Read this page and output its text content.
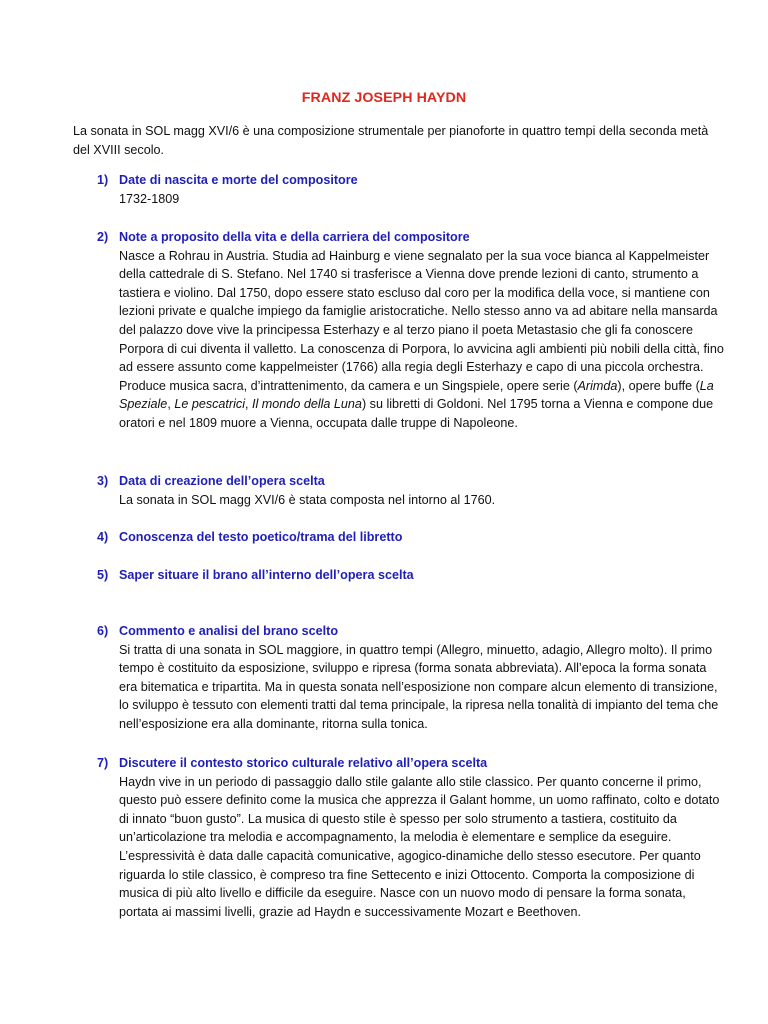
FRANZ JOSEPH HAYDN
La sonata in SOL magg XVI/6 è una composizione strumentale per pianoforte in quattro tempi della seconda metà del XVIII secolo.
1) Date di nascita e morte del compositore
1732-1809
2) Note a proposito della vita e della carriera del compositore
Nasce a Rohrau in Austria. Studia ad Hainburg e viene segnalato per la sua voce bianca al Kappelmeister della cattedrale di S. Stefano. Nel 1740 si trasferisce a Vienna dove prende lezioni di canto, strumento a tastiera e violino. Dal 1750, dopo essere stato escluso dal coro per la modifica della voce, si mantiene con lezioni private e qualche impiego da famiglie aristocratiche. Nello stesso anno va ad abitare nella mansarda del palazzo dove vive la principessa Esterhazy e al terzo piano il poeta Metastasio che gli fa conoscere Porpora di cui diventa il valletto. La conoscenza di Porpora, lo avvicina agli ambienti più nobili della città, fino ad essere assunto come kappelmeister (1766) alla regia degli Esterhazy e capo di una piccola orchestra. Produce musica sacra, d’intrattenimento, da camera e un Singspiele, opere serie (Arimda), opere buffe (La Speziale, Le pescatrici, Il mondo della Luna) su libretti di Goldoni. Nel 1795 torna a Vienna e compone due oratori e nel 1809 muore a Vienna, occupata dalle truppe di Napoleone.
3) Data di creazione dell’opera scelta
La sonata in SOL magg XVI/6 è stata composta nel intorno al 1760.
4) Conoscenza del testo poetico/trama del libretto
5) Saper situare il brano all’interno dell’opera scelta
6) Commento e analisi del brano scelto
Si tratta di una sonata in SOL maggiore, in quattro tempi (Allegro, minuetto, adagio, Allegro molto). Il primo tempo è costituito da esposizione, sviluppo e ripresa (forma sonata abbreviata). All’epoca la forma sonata era bitematica e tripartita. Ma in questa sonata nell’esposizione non compare alcun elemento di transizione, lo sviluppo è tessuto con elementi tratti dal tema principale, la ripresa nella tonalità di impianto del tema che nell’esposizione era alla dominante, ritorna sulla tonica.
7) Discutere il contesto storico culturale relativo all’opera scelta
Haydn vive in un periodo di passaggio dallo stile galante allo stile classico. Per quanto concerne il primo, questo può essere definito come la musica che apprezza il Galant homme, un uomo raffinato, colto e dotato di innato “buon gusto”. La musica di questo stile è spesso per solo strumento a tastiera, costituito da un’articolazione tra melodia e accompagnamento, la melodia è elementare e semplice da eseguire. L’espressività è data dalle capacità comunicative, agogico-dinamiche dello stesso esecutore. Per quanto riguarda lo stile classico, è compreso tra fine Settecento e inizi Ottocento. Comporta la composizione di musica di più alto livello e difficile da eseguire. Nasce con un nuovo modo di pensare la forma sonata, portata ai massimi livelli, grazie ad Haydn e successivamente Mozart e Beethoven.
